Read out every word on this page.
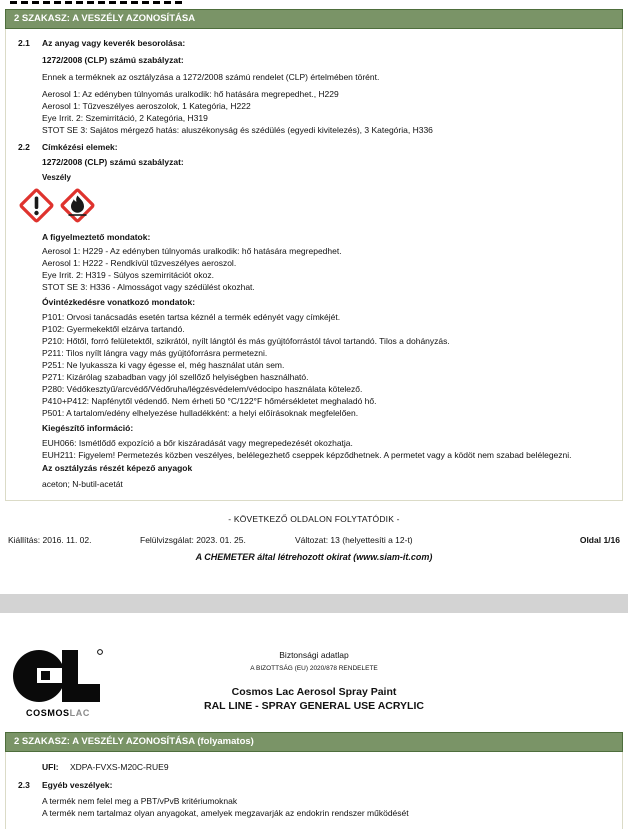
2 SZAKASZ: A VESZÉLY AZONOSÍTÁSA
2.1	Az anyag vagy keverék besorolása:
1272/2008 (CLP) számú szabályzat:
Ennek a terméknek az osztályzása a 1272/2008 számú rendelet (CLP) értelmében törént.
Aerosol 1: Az edényben túlnyomás uralkodik: hő hatására megrepedhet., H229
Aerosol 1: Tűzveszélyes aeroszolok, 1 Kategória, H222
Eye Irrit. 2: Szemirritáció, 2 Kategória, H319
STOT SE 3: Sajátos mérgező hatás: aluszékonyság és szédülés (egyedi kivitelezés), 3 Kategória, H336
2.2	Címkézési elemek:
1272/2008 (CLP) számú szabályzat:
Veszély
A figyelmeztető mondatok:
Aerosol 1: H229 - Az edényben túlnyomás uralkodik: hő hatására megrepedhet.
Aerosol 1: H222 - Rendkívül tűzveszélyes aeroszol.
Eye Irrit. 2: H319 - Súlyos szemirritációt okoz.
STOT SE 3: H336 - Almosságot vagy szédülést okozhat.
Óvintézkedésre vonatkozó mondatok:
P101: Orvosi tanácsadás esetén tartsa kéznél a termék edényét vagy címkéjét.
P102: Gyermekektől elzárva tartandó.
P210: Hőtől, forró felületektől, szikrától, nyílt lángtól és más gyújtóforrástól távol tartandó. Tilos a dohányzás.
P211: Tilos nyílt lángra vagy más gyújtóforrásra permetezni.
P251: Ne lyukassza ki vagy égesse el, még használat után sem.
P271: Kizárólag szabadban vagy jól szellőző helyiségben használható.
P280: Védőkesztyű/arcvédő/Védőruha/légzésvédelem/védocipo használata kötelező.
P410+P412: Napfénytől védendő. Nem érheti 50 °C/122°F hőmérsékletet meghaladó hő.
P501: A tartalom/edény elhelyezése hulladékként: a helyi előírásoknak megfelelően.
Kiegészítő információ:
EUH066: Ismétlődő expozíció a bőr kiszáradását vagy megrepedezését okozhatja.
EUH211: Figyelem! Permetezés közben veszélyes, belélegezhető cseppek képződhetnek. A permetet vagy a ködöt nem szabad belélegezni.
Az osztályzás részét képező anyagok
aceton; N-butil-acetát
- KÖVETKEZŐ OLDALON FOLYTATÓDIK -
Kiállítás: 2016. 11. 02.	Felülvizsgálat: 2023. 01. 25.	Változat: 13 (helyettesíti a 12-t)	Oldal 1/16
A CHEMETER által létrehozott okirat (www.siam-it.com)
COSMOSLAC
Biztonsági adatlap
A BIZOTTSÁG (EU) 2020/878 RENDELETE
Cosmos Lac Aerosol Spray Paint
RAL LINE - SPRAY GENERAL USE ACRYLIC
2 SZAKASZ: A VESZÉLY AZONOSÍTÁSA (folyamatos)
UFI:	XDPA-FVXS-M20C-RUE9
2.3	Egyéb veszélyek:
A termék nem felel meg a PBT/vPvB kritériumoknak
A termék nem tartalmaz olyan anyagokat, amelyek megzavarják az endokrin rendszer működését
